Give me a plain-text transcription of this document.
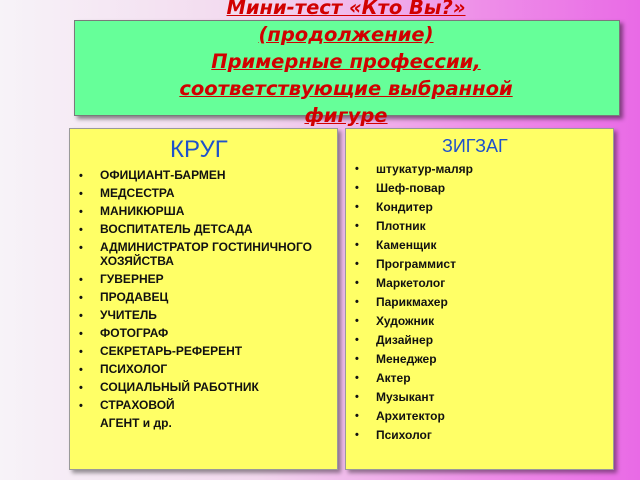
Мини-тест «Кто Вы?»
(продолжение)
Примерные профессии,
соответствующие выбранной
фигуре
КРУГ
• ОФИЦИАНТ-БАРМЕН
• МЕДСЕСТРА
• МАНИКЮРША
• ВОСПИТАТЕЛЬ ДЕТСАДА
• АДМИНИСТРАТОР ГОСТИНИЧНОГО ХОЗЯЙСТВА
• ГУВЕРНЕР
• ПРОДАВЕЦ
• УЧИТЕЛЬ
• ФОТОГРАФ
• СЕКРЕТАРЬ-РЕФЕРЕНТ
• ПСИХОЛОГ
• СОЦИАЛЬНЫЙ РАБОТНИК
• СТРАХОВОЙ
АГЕНТ и др.
ЗИГЗАГ
• штукатур-маляр
• Шеф-повар
• Кондитер
• Плотник
• Каменщик
• Программист
• Маркетолог
• Парикмахер
• Художник
• Дизайнер
• Менеджер
• Актер
• Музыкант
• Архитектор
• Психолог
